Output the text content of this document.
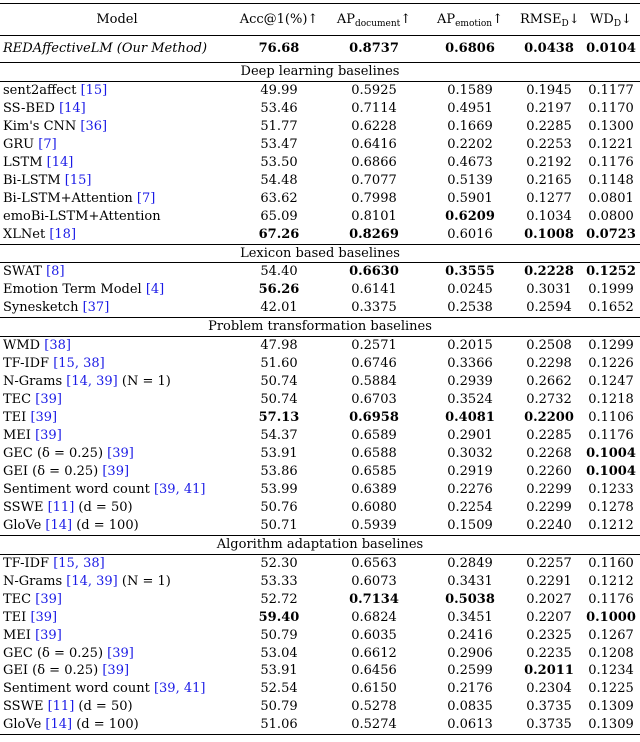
Model	Acc@1(%)↑	$AP_{document}↑$	$AP_{emotion}↑$	$RMSE_D↓$	$WD_D↓$
REDAffectiveLM (Our Method)	76.68	0.8737	0.6806	0.0438	0.0104
Deep learning baselines					
sent2affect [15]	49.99	0.5925	0.1589	0.1945	0.1177
SS-BED [14]	53.46	0.7114	0.4951	0.2197	0.1170
Kim's CNN [36]	51.77	0.6228	0.1669	0.2285	0.1300
GRU [7]	53.47	0.6416	0.2202	0.2253	0.1221
LSTM [14]	53.50	0.6866	0.4673	0.2192	0.1176
Bi-LSTM [15]	54.48	0.7077	0.5139	0.2165	0.1148
Bi-LSTM+Attention [7]	63.62	0.7998	0.5901	0.1277	0.0801
emoBi-LSTM+Attention	65.09	0.8101	0.6209	0.1034	0.0800
XLNet [18]	67.26	0.8269	0.6016	0.1008	0.0723
Lexicon based baselines					
SWAT [8]	54.40	0.6630	0.3555	0.2228	0.1252
Emotion Term Model [4]	56.26	0.6141	0.0245	0.3031	0.1999
Synesketch [37]	42.01	0.3375	0.2538	0.2594	0.1652
Problem transformation baselines					
WMD [38]	47.98	0.2571	0.2015	0.2508	0.1299
TF-IDF [15, 38]	51.60	0.6746	0.3366	0.2298	0.1226
N-Grams [14, 39] (N = 1)	50.74	0.5884	0.2939	0.2662	0.1247
TEC [39]	50.74	0.6703	0.3524	0.2732	0.1218
TEI [39]	57.13	0.6958	0.4081	0.2200	0.1106
MEI [39]	54.37	0.6589	0.2901	0.2285	0.1176
GEC (δ = 0.25) [39]	53.91	0.6588	0.3032	0.2268	0.1004
GEI (δ = 0.25) [39]	53.86	0.6585	0.2919	0.2260	0.1004
Sentiment word count [39, 41]	53.99	0.6389	0.2276	0.2299	0.1233
SSWE [11] (d = 50)	50.76	0.6080	0.2254	0.2299	0.1278
GloVe [14] (d = 100)	50.71	0.5939	0.1509	0.2240	0.1212
Algorithm adaptation baselines					
TF-IDF [15, 38]	52.30	0.6563	0.2849	0.2257	0.1160
N-Grams [14, 39] (N = 1)	53.33	0.6073	0.3431	0.2291	0.1212
TEC [39]	52.72	0.7134	0.5038	0.2027	0.1176
TEI [39]	59.40	0.6824	0.3451	0.2207	0.1000
MEI [39]	50.79	0.6035	0.2416	0.2325	0.1267
GEC (δ = 0.25) [39]	53.04	0.6612	0.2906	0.2235	0.1208
GEI (δ = 0.25) [39]	53.91	0.6456	0.2599	0.2011	0.1234
Sentiment word count [39, 41]	52.54	0.6150	0.2176	0.2304	0.1225
SSWE [11] (d = 50)	50.79	0.5278	0.0835	0.3735	0.1309
GloVe [14] (d = 100)	51.06	0.5274	0.0613	0.3735	0.1309
